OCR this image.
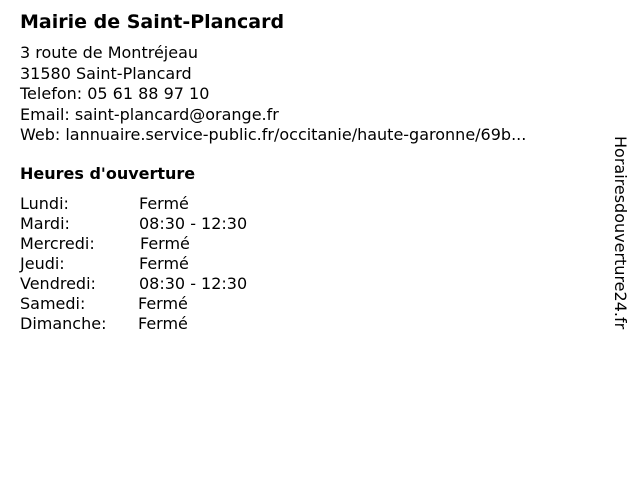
Mairie de Saint-Plancard
3 route de Montréjeau
31580 Saint-Plancard
Telefon: 05 61 88 97 10
Email: saint-plancard@orange.fr
Web: lannuaire.service-public.fr/occitanie/haute-garonne/69b...
Heures d'ouverture
Lundi:	Fermé
Mardi:	08:30 - 12:30
Mercredi:	Fermé
Jeudi:	Fermé
Vendredi:	08:30 - 12:30
Samedi:	Fermé
Dimanche: Fermé	Horairesdouverture24.fr
